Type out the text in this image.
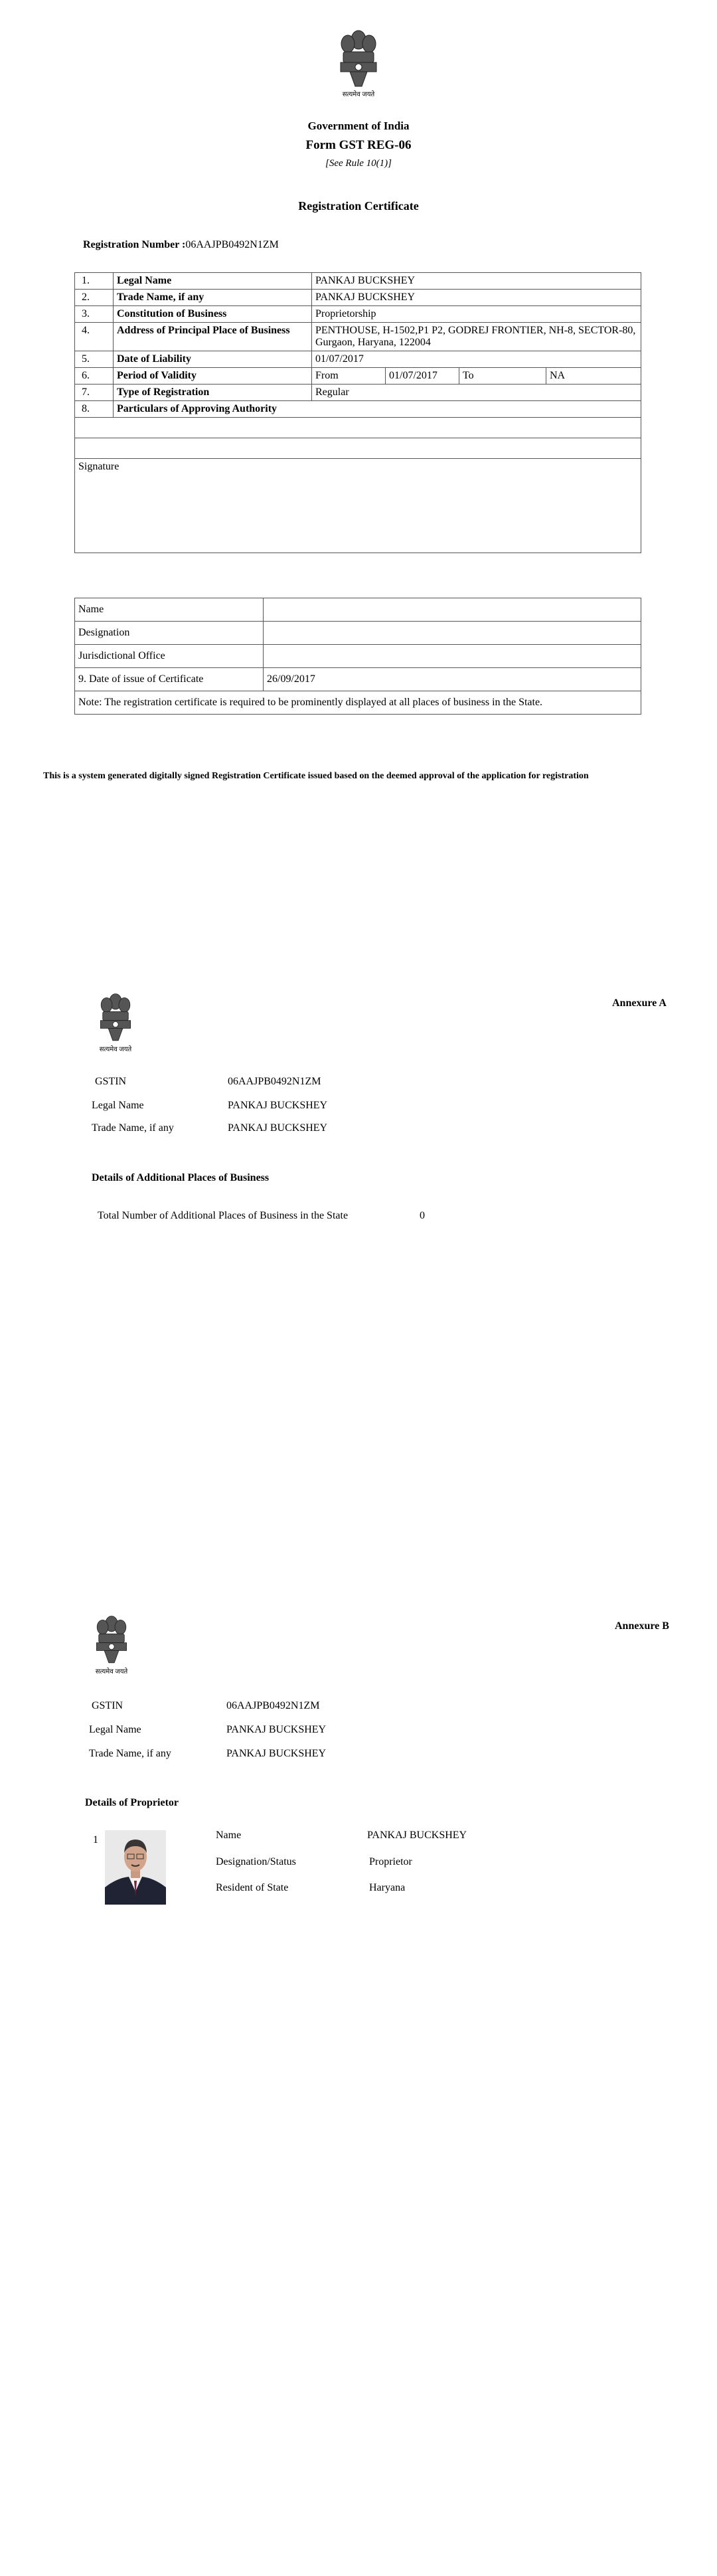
सत्यमेव जयते
Government of India
Form GST REG-06
[See Rule 10(1)]
Registration Certificate
Registration Number :06AAJPB0492N1ZM
1.	Legal Name	PANKAJ BUCKSHEY			
2.	Trade Name, if any	PANKAJ BUCKSHEY			
3.	Constitution of Business	Proprietorship			
4.	Address of Principal Place of Business	PENTHOUSE, H-1502,P1 P2, GODREJ FRONTIER, NH-8, SECTOR-80, Gurgaon, Haryana, 122004			
5.	Date of Liability	01/07/2017			
6.	Period of Validity	From	01/07/2017	To	NA
7.	Type of Registration	Regular			
8.	Particulars of Approving Authority				

Signature					
Name	
Designation	
Jurisdictional Office	
9. Date of issue of Certificate	26/09/2017
Note: The registration certificate is required to be prominently displayed at all places of business in the State.	
This is a system generated digitally signed Registration Certificate issued based on the deemed approval of the application for registration
सत्यमेव जयते
Annexure A
GSTIN	06AAJPB0492N1ZM
Legal Name	PANKAJ BUCKSHEY
Trade Name, if any	PANKAJ BUCKSHEY
Details of Additional Places of Business
Total Number of Additional Places of Business in the State	0
सत्यमेव जयते
Annexure B
GSTIN	06AAJPB0492N1ZM
Legal Name	PANKAJ BUCKSHEY
Trade Name, if any	PANKAJ BUCKSHEY
Details of Proprietor
1	Name	PANKAJ BUCKSHEY
Designation/Status	Proprietor
Resident of State	Haryana
